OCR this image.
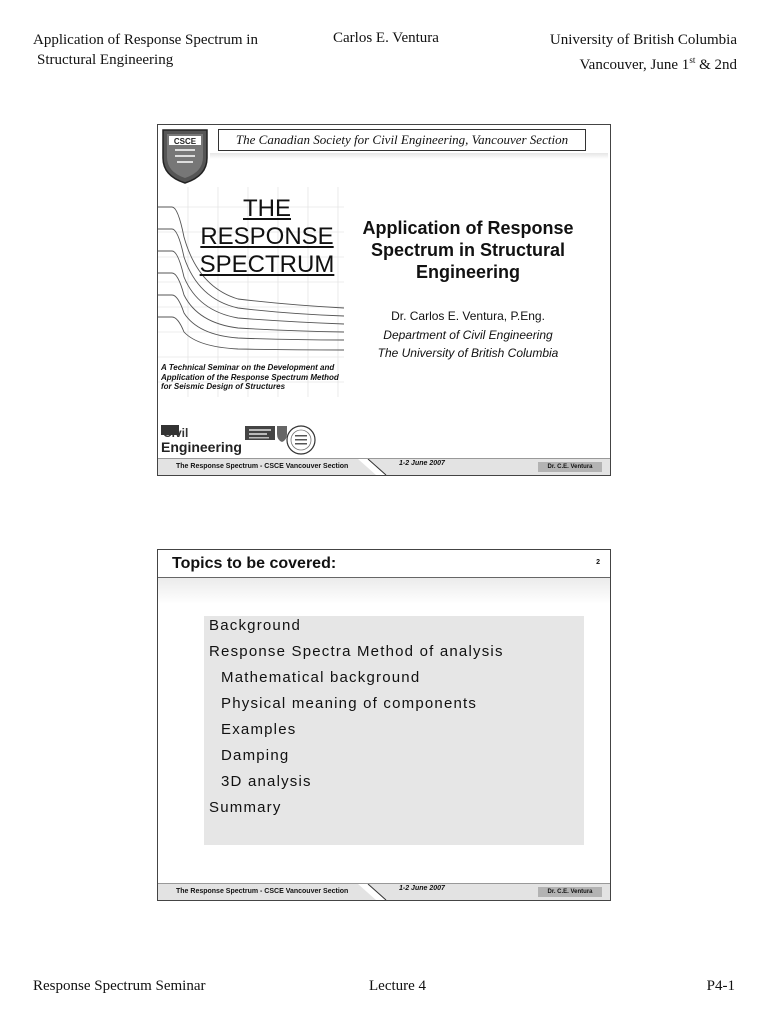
Application of Response Spectrum in
Structural Engineering
Carlos E. Ventura	University of British Columbia
Vancouver, June 1st & 2nd
CSCE	The Canadian Society for Civil Engineering, Vancouver Section
THE
RESPONSE
SPECTRUM
A Technical Seminar on the Development and Application of the Response Spectrum Method for Seismic Design of Structures
Application of Response Spectrum in Structural Engineering
Dr. Carlos E. Ventura, P.Eng.
Department of Civil Engineering
The University of British Columbia
Civil
Engineering
The Response Spectrum - CSCE Vancouver Section	1-2 June 2007	Dr. C.E. Ventura
Topics to be covered:	2
Background
Response Spectra Method of analysis
Mathematical background
Physical meaning of components
Examples
Damping
3D analysis
Summary
The Response Spectrum - CSCE Vancouver Section	1-2 June 2007	Dr. C.E. Ventura
Response Spectrum Seminar	Lecture 4	P4-1
